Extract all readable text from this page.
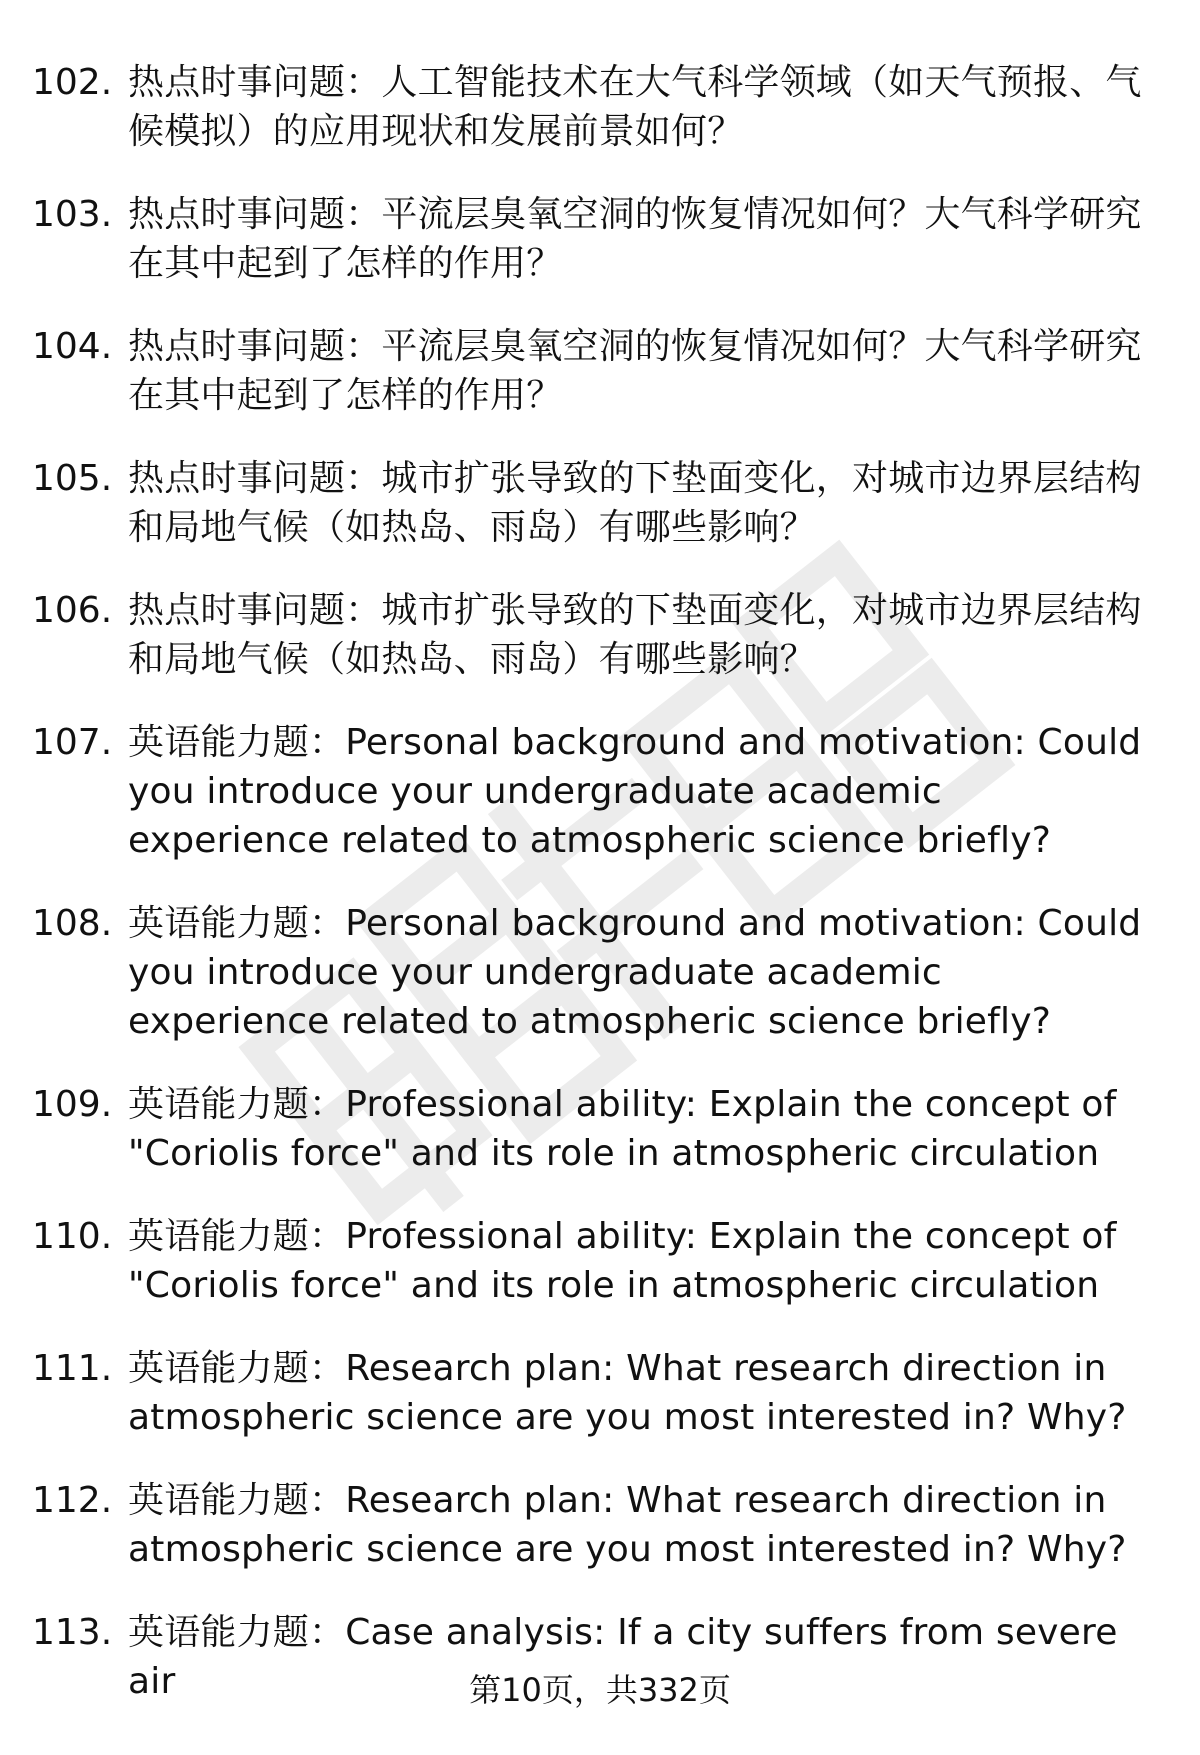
102. 热点时事问题：人工智能技术在大气科学领域（如天气预报、气候模拟）的应用现状和发展前景如何？
103. 热点时事问题：平流层臭氧空洞的恢复情况如何？大气科学研究在其中起到了怎样的作用？
104. 热点时事问题：平流层臭氧空洞的恢复情况如何？大气科学研究在其中起到了怎样的作用？
105. 热点时事问题：城市扩张导致的下垫面变化，对城市边界层结构和局地气候（如热岛、雨岛）有哪些影响？
106. 热点时事问题：城市扩张导致的下垫面变化，对城市边界层结构和局地气候（如热岛、雨岛）有哪些影响？
107. 英语能力题：Personal background and motivation: Could you introduce your undergraduate academic experience related to atmospheric science briefly?
108. 英语能力题：Personal background and motivation: Could you introduce your undergraduate academic experience related to atmospheric science briefly?
109. 英语能力题：Professional ability: Explain the concept of "Coriolis force" and its role in atmospheric circulation
110. 英语能力题：Professional ability: Explain the concept of "Coriolis force" and its role in atmospheric circulation
111. 英语能力题：Research plan: What research direction in atmospheric science are you most interested in? Why?
112. 英语能力题：Research plan: What research direction in atmospheric science are you most interested in? Why?
113. 英语能力题：Case analysis: If a city suffers from severe air	第10页，共332页
